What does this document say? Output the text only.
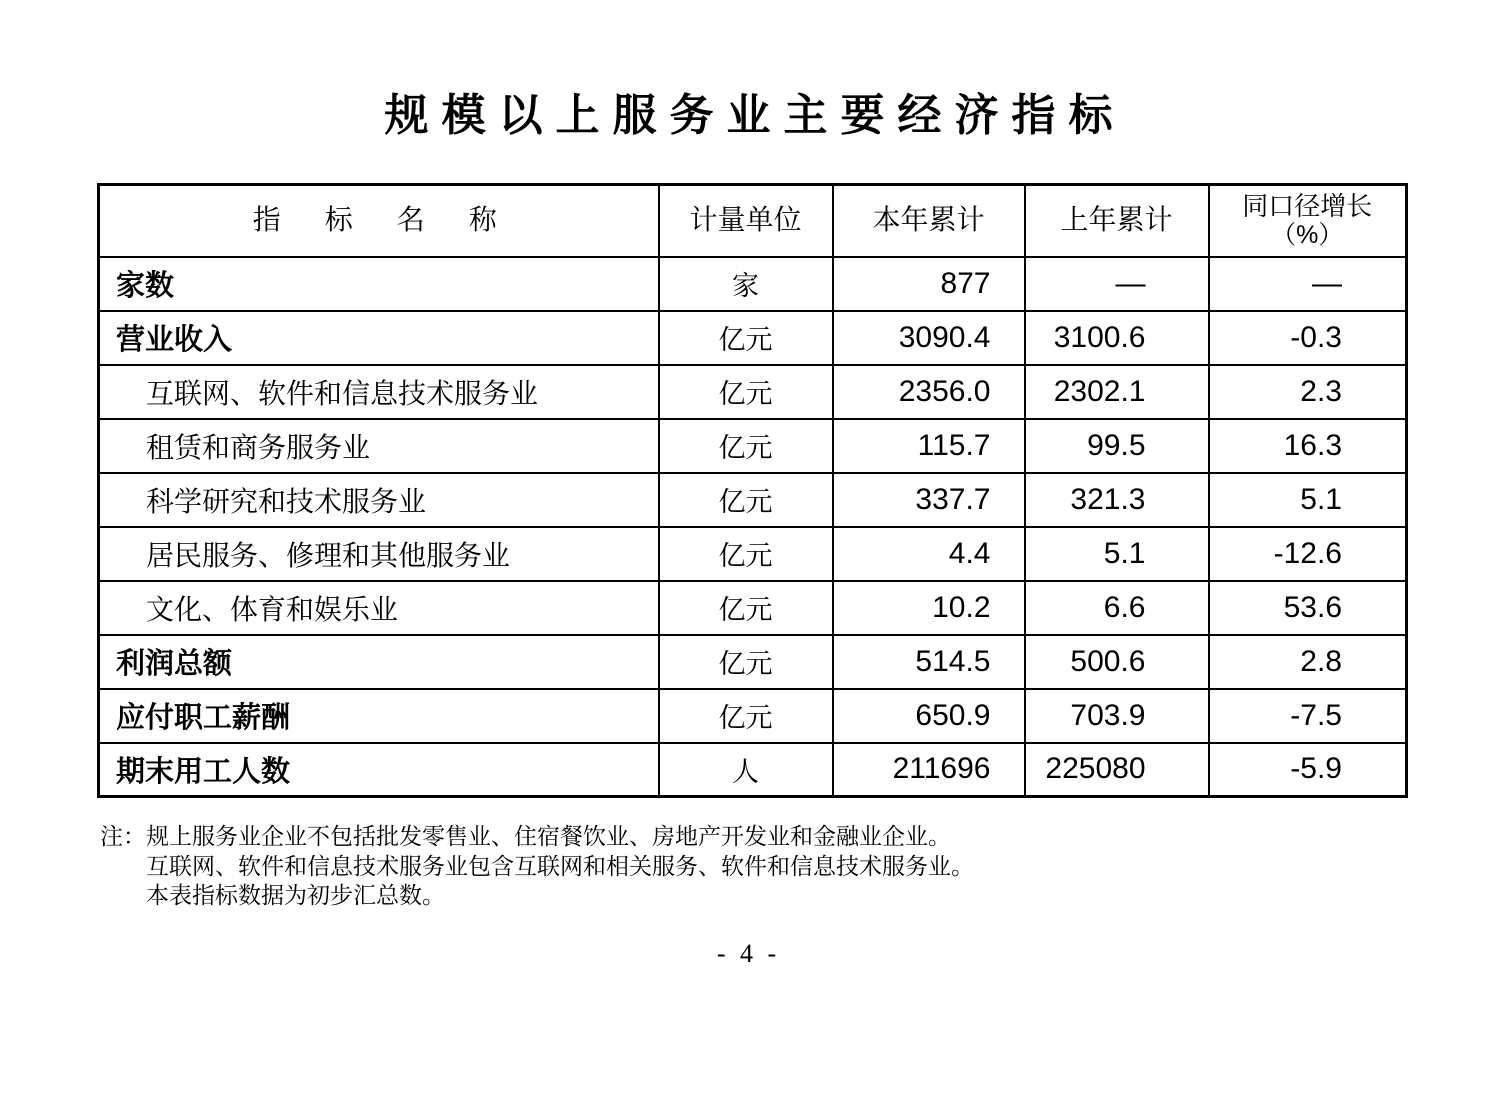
规模以上服务业主要经济指标
指　标　名　称	计量单位	本年累计	上年累计	同口径增长
（%）

家数	家	877	—	—
营业收入	亿元	3090.4	3100.6	-0.3
互联网、软件和信息技术服务业	亿元	2356.0	2302.1	2.3
租赁和商务服务业	亿元	115.7	99.5	16.3
科学研究和技术服务业	亿元	337.7	321.3	5.1
居民服务、修理和其他服务业	亿元	4.4	5.1	-12.6
文化、体育和娱乐业	亿元	10.2	6.6	53.6
利润总额	亿元	514.5	500.6	2.8
应付职工薪酬	亿元	650.9	703.9	-7.5
期末用工人数	人	211696	225080	-5.9
注：规上服务业企业不包括批发零售业、住宿餐饮业、房地产开发业和金融业企业。
互联网、软件和信息技术服务业包含互联网和相关服务、软件和信息技术服务业。
本表指标数据为初步汇总数。
- 4 -
